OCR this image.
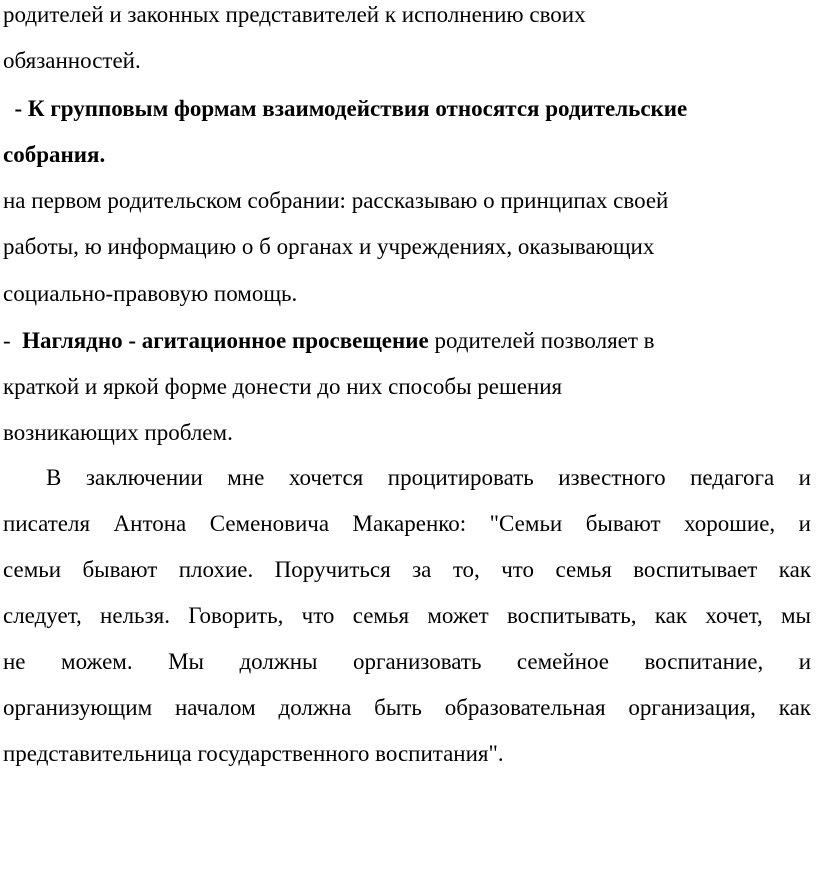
родителей и законных представителей к исполнению своих
обязанностей.
- К групповым формам взаимодействия относятся родительские
собрания.
на первом родительском собрании: рассказываю о принципах своей
работы, ю информацию о б органах и учреждениях, оказывающих
социально-правовую помощь.
-  Наглядно - агитационное просвещение родителей позволяет в
краткой и яркой форме донести до них способы решения
возникающих проблем.
В заключении мне хочется процитировать известного педагога и
писателя Антона Семеновича Макаренко: "Семьи бывают хорошие, и
семьи бывают плохие. Поручиться за то, что семья воспитывает как
следует, нельзя. Говорить, что семья может воспитывать, как хочет, мы
не можем. Мы должны организовать семейное воспитание, и
организующим началом должна быть образовательная организация, как
представительница государственного воспитания".
